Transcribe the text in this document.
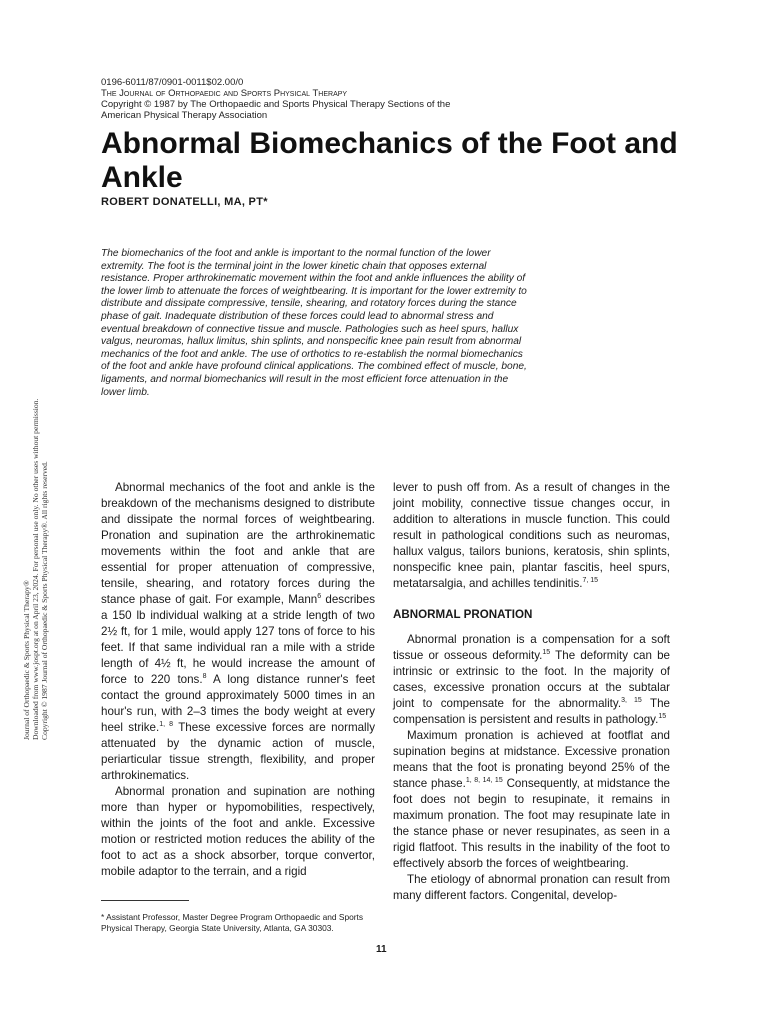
0196-6011/87/0901-0011$02.00/0
The Journal of Orthopaedic and Sports Physical Therapy
Copyright © 1987 by The Orthopaedic and Sports Physical Therapy Sections of the
American Physical Therapy Association
Abnormal Biomechanics of the Foot and Ankle
ROBERT DONATELLI, MA, PT*
The biomechanics of the foot and ankle is important to the normal function of the lower extremity. The foot is the terminal joint in the lower kinetic chain that opposes external resistance. Proper arthrokinematic movement within the foot and ankle influences the ability of the lower limb to attenuate the forces of weightbearing. It is important for the lower extremity to distribute and dissipate compressive, tensile, shearing, and rotatory forces during the stance phase of gait. Inadequate distribution of these forces could lead to abnormal stress and eventual breakdown of connective tissue and muscle. Pathologies such as heel spurs, hallux valgus, neuromas, hallux limitus, shin splints, and nonspecific knee pain result from abnormal mechanics of the foot and ankle. The use of orthotics to re-establish the normal biomechanics of the foot and ankle have profound clinical applications. The combined effect of muscle, bone, ligaments, and normal biomechanics will result in the most efficient force attenuation in the lower limb.

Abnormal mechanics of the foot and ankle is the breakdown of the mechanisms designed to distribute and dissipate the normal forces of weightbearing. Pronation and supination are the arthrokinematic movements within the foot and ankle that are essential for proper attenuation of compressive, tensile, shearing, and rotatory forces during the stance phase of gait. For example, Mann$^6$ describes a 150 lb individual walking at a stride length of two 2½ ft, for 1 mile, would apply 127 tons of force to his feet. If that same individual ran a mile with a stride length of 4½ ft, he would increase the amount of force to 220 tons.$^8$ A long distance runner's feet contact the ground approximately 5000 times in an hour's run, with 2–3 times the body weight at every heel strike.$^{1, 8}$ These excessive forces are normally attenuated by the dynamic action of muscle, periarticular tissue strength, flexibility, and proper arthrokinematics.

Abnormal pronation and supination are nothing more than hyper or hypomobilities, respectively, within the joints of the foot and ankle. Excessive motion or restricted motion reduces the ability of the foot to act as a shock absorber, torque convertor, mobile adaptor to the terrain, and a rigid

lever to push off from. As a result of changes in the joint mobility, connective tissue changes occur, in addition to alterations in muscle function. This could result in pathological conditions such as neuromas, hallux valgus, tailors bunions, keratosis, shin splints, nonspecific knee pain, plantar fascitis, heel spurs, metatarsalgia, and achilles tendinitis.$^{7, 15}$

ABNORMAL PRONATION

Abnormal pronation is a compensation for a soft tissue or osseous deformity.$^{15}$ The deformity can be intrinsic or extrinsic to the foot. In the majority of cases, excessive pronation occurs at the subtalar joint to compensate for the abnormality.$^{3, 15}$ The compensation is persistent and results in pathology.$^{15}$

Maximum pronation is achieved at footflat and supination begins at midstance. Excessive pronation means that the foot is pronating beyond 25% of the stance phase.$^{1, 8, 14, 15}$ Consequently, at midstance the foot does not begin to resupinate, it remains in maximum pronation. The foot may resupinate late in the stance phase or never resupinates, as seen in a rigid flatfoot. This results in the inability of the foot to effectively absorb the forces of weightbearing.

The etiology of abnormal pronation can result from many different factors. Congenital, develop-

* Assistant Professor, Master Degree Program Orthopaedic and Sports Physical Therapy, Georgia State University, Atlanta, GA 30303.
11
Journal of Orthopaedic & Sports Physical Therapy® Downloaded from www.jospt.org at on April 23, 2024. For personal use only. No other uses without permission. Copyright © 1987 Journal of Orthopaedic & Sports Physical Therapy®. All rights reserved.
